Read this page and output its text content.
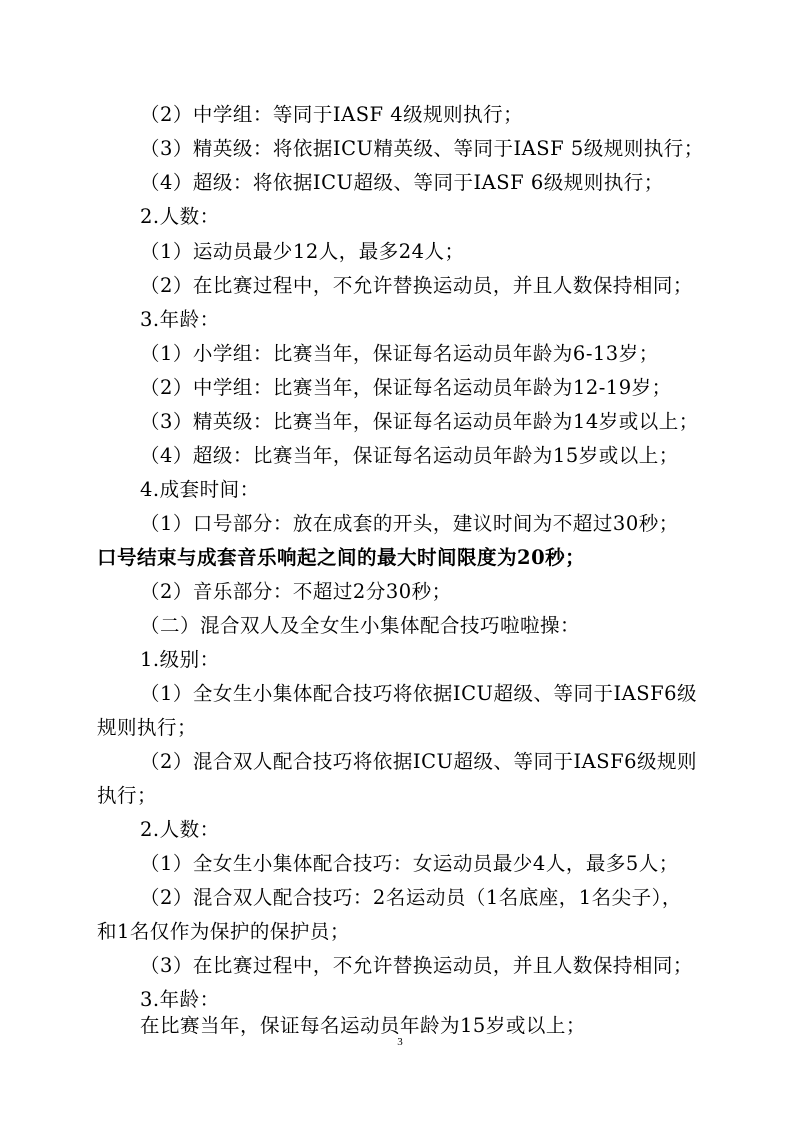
（2）中学组：等同于IASF 4级规则执行；
（3）精英级：将依据ICU精英级、等同于IASF 5级规则执行；
（4）超级：将依据ICU超级、等同于IASF 6级规则执行；
2.人数：
（1）运动员最少12人，最多24人；
（2）在比赛过程中，不允许替换运动员，并且人数保持相同；
3.年龄：
（1）小学组：比赛当年，保证每名运动员年龄为6-13岁；
（2）中学组：比赛当年，保证每名运动员年龄为12-19岁；
（3）精英级：比赛当年，保证每名运动员年龄为14岁或以上；
（4）超级：比赛当年，保证每名运动员年龄为15岁或以上；
4.成套时间：
（1）口号部分：放在成套的开头，建议时间为不超过30秒；
口号结束与成套音乐响起之间的最大时间限度为20秒；
（2）音乐部分：不超过2分30秒；
（二）混合双人及全女生小集体配合技巧啦啦操：
1.级别：
（1）全女生小集体配合技巧将依据ICU超级、等同于IASF6级
规则执行；
（2）混合双人配合技巧将依据ICU超级、等同于IASF6级规则
执行；
2.人数：
（1）全女生小集体配合技巧：女运动员最少4人，最多5人；
（2）混合双人配合技巧：2名运动员（1名底座，1名尖子），
和1名仅作为保护的保护员；
（3）在比赛过程中，不允许替换运动员，并且人数保持相同；
3.年龄：
在比赛当年，保证每名运动员年龄为15岁或以上；
3
